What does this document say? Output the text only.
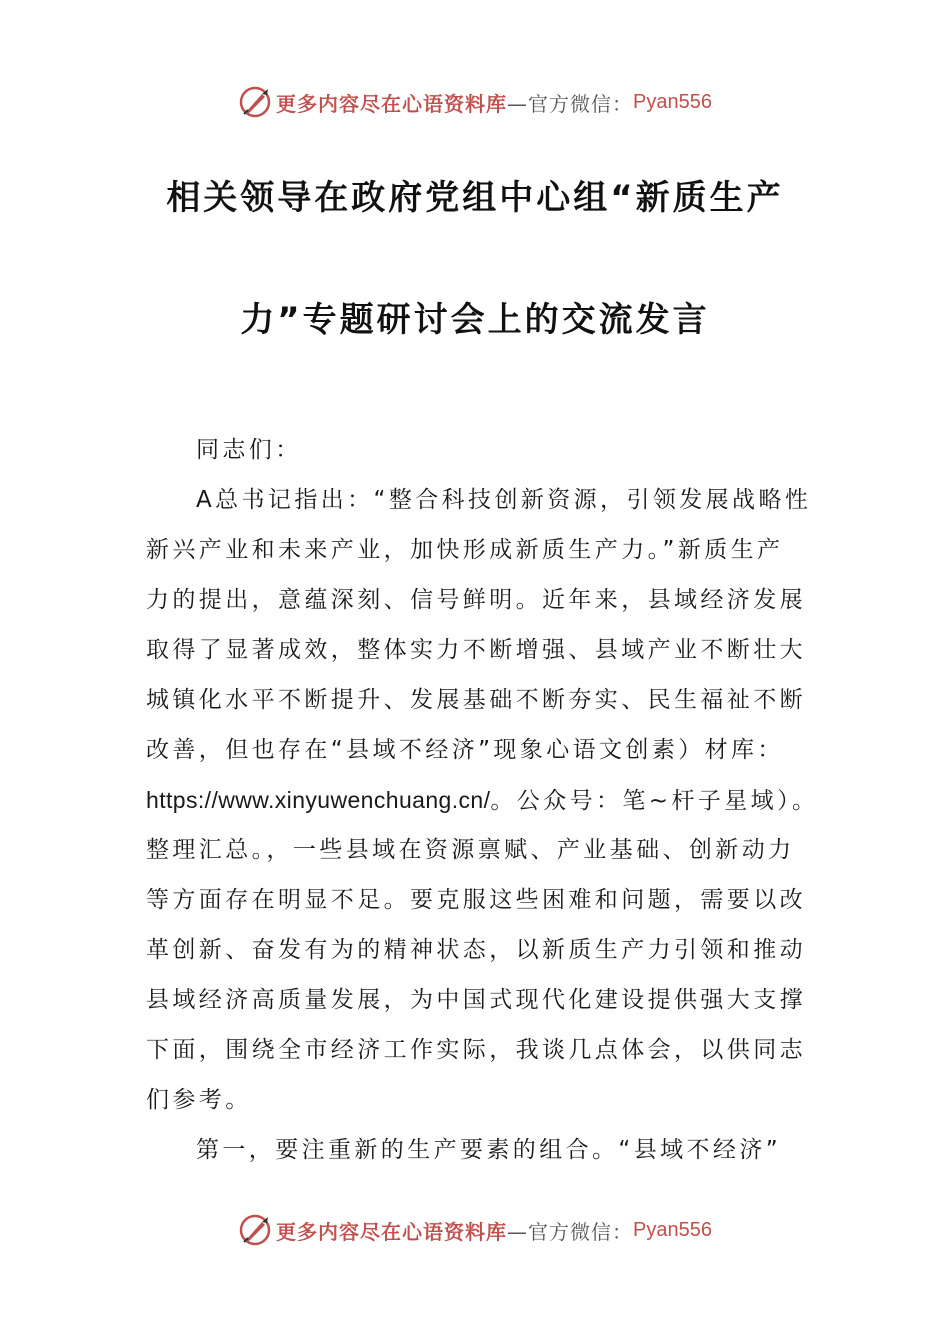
更多内容尽在心语资料库 —官方微信： Pyan556
相关领导在政府党组中心组“新质生产
力”专题研讨会上的交流发言
同志们：
A总书记指出：“整合科技创新资源，引领发展战略性
新兴产业和未来产业，加快形成新质生产力。”新质生产
力的提出，意蕴深刻、信号鲜明。近年来，县域经济发展
取得了显著成效，整体实力不断增强、县域产业不断壮大
城镇化水平不断提升、发展基础不断夯实、民生福祉不断
改善，但也存在“县域不经济”现象心语文创素）材库：
https://www.xinyuwenchuang.cn/。公众号：笔~杆子星域）。
整理汇总。，一些县域在资源禀赋、产业基础、创新动力
等方面存在明显不足。要克服这些困难和问题，需要以改
革创新、奋发有为的精神状态，以新质生产力引领和推动
县域经济高质量发展，为中国式现代化建设提供强大支撑
下面，围绕全市经济工作实际，我谈几点体会，以供同志
们参考。
第一，要注重新的生产要素的组合。“县域不经济”
更多内容尽在心语资料库 —官方微信： Pyan556
